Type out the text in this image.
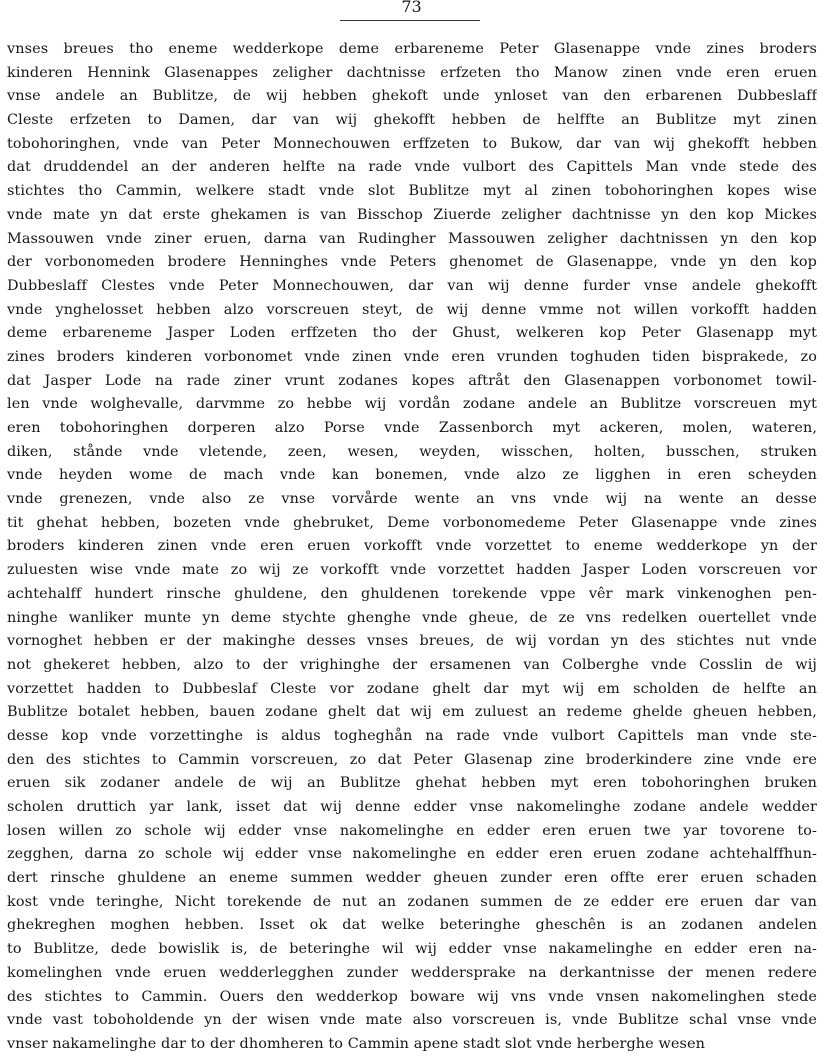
73
vnses breues tho eneme wedderkope deme erbareneme Peter Glasenappe vnde zines broders
kinderen Hennink Glasenappes zeligher dachtnisse erfzeten tho Manow zinen vnde eren eruen
vnse andele an Bublitze, de wij hebben ghekoft unde ynloset van den erbarenen Dubbeslaff
Cleste erfzeten to Damen, dar van wij ghekofft hebben de helffte an Bublitze myt zinen
tobohoringhen, vnde van Peter Monnechouwen erffzeten to Bukow, dar van wij ghekofft hebben
dat druddendel an der anderen helfte na rade vnde vulbort des Capittels Man vnde stede des
stichtes tho Cammin, welkere stadt vnde slot Bublitze myt al zinen tobohoringhen kopes wise
vnde mate yn dat erste ghekamen is van Bisschop Ziuerde zeligher dachtnisse yn den kop Mickes
Massouwen vnde ziner eruen, darna van Rudingher Massouwen zeligher dachtnissen yn den kop
der vorbonomeden brodere Henninghes vnde Peters ghenomet de Glasenappe, vnde yn den kop
Dubbeslaff Clestes vnde Peter Monnechouwen, dar van wij denne furder vnse andele ghekofft
vnde ynghelosset hebben alzo vorscreuen steyt, de wij denne vmme not willen vorkofft hadden
deme erbareneme Jasper Loden erffzeten tho der Ghust, welkeren kop Peter Glasenapp myt
zines broders kinderen vorbonomet vnde zinen vnde eren vrunden toghuden tiden bisprakede, zo
dat Jasper Lode na rade ziner vrunt zodanes kopes aftråt den Glasenappen vorbonomet towil-
len vnde wolghevalle, darvmme zo hebbe wij vordån zodane andele an Bublitze vorscreuen myt
eren tobohoringhen dorperen alzo Porse vnde Zassenborch myt ackeren, molen, wateren,
diken, stånde vnde vletende, zeen, wesen, weyden, wisschen, holten, busschen, struken
vnde heyden wome de mach vnde kan bonemen, vnde alzo ze ligghen in eren scheyden
vnde grenezen, vnde also ze vnse vorvårde wente an vns vnde wij na wente an desse
tit ghehat hebben, bozeten vnde ghebruket, Deme vorbonomedeme Peter Glasenappe vnde zines
broders kinderen zinen vnde eren eruen vorkofft vnde vorzettet to eneme wedderkope yn der
zuluesten wise vnde mate zo wij ze vorkofft vnde vorzettet hadden Jasper Loden vorscreuen vor
achtehalff hundert rinsche ghuldene, den ghuldenen torekende vppe vêr mark vinkenoghen pen-
ninghe wanliker munte yn deme stychte ghenghe vnde gheue, de ze vns redelken ouertellet vnde
vornoghet hebben er der makinghe desses vnses breues, de wij vordan yn des stichtes nut vnde
not ghekeret hebben, alzo to der vrighinghe der ersamenen van Colberghe vnde Cosslin de wij
vorzettet hadden to Dubbeslaf Cleste vor zodane ghelt dar myt wij em scholden de helfte an
Bublitze botalet hebben, bauen zodane ghelt dat wij em zuluest an redeme ghelde gheuen hebben,
desse kop vnde vorzettinghe is aldus togheghån na rade vnde vulbort Capittels man vnde ste-
den des stichtes to Cammin vorscreuen, zo dat Peter Glasenap zine broderkindere zine vnde ere
eruen sik zodaner andele de wij an Bublitze ghehat hebben myt eren tobohoringhen bruken
scholen druttich yar lank, isset dat wij denne edder vnse nakomelinghe zodane andele wedder
losen willen zo schole wij edder vnse nakomelinghe en edder eren eruen twe yar tovorene to-
zegghen, darna zo schole wij edder vnse nakomelinghe en edder eren eruen zodane achtehalffhun-
dert rinsche ghuldene an eneme summen wedder gheuen zunder eren offte erer eruen schaden
kost vnde teringhe, Nicht torekende de nut an zodanen summen de ze edder ere eruen dar van
ghekreghen moghen hebben. Isset ok dat welke beteringhe gheschên is an zodanen andelen
to Bublitze, dede bowislik is, de beteringhe wil wij edder vnse nakamelinghe en edder eren na-
komelinghen vnde eruen wedderlegghen zunder weddersprake na derkantnisse der menen redere
des stichtes to Cammin. Ouers den wedderkop boware wij vns vnde vnsen nakomelinghen stede
vnde vast toboholdende yn der wisen vnde mate also vorscreuen is, vnde Bublitze schal vnse vnde
vnser nakamelinghe dar to der dhomheren to Cammin apene stadt slot vnde herberghe wesen
